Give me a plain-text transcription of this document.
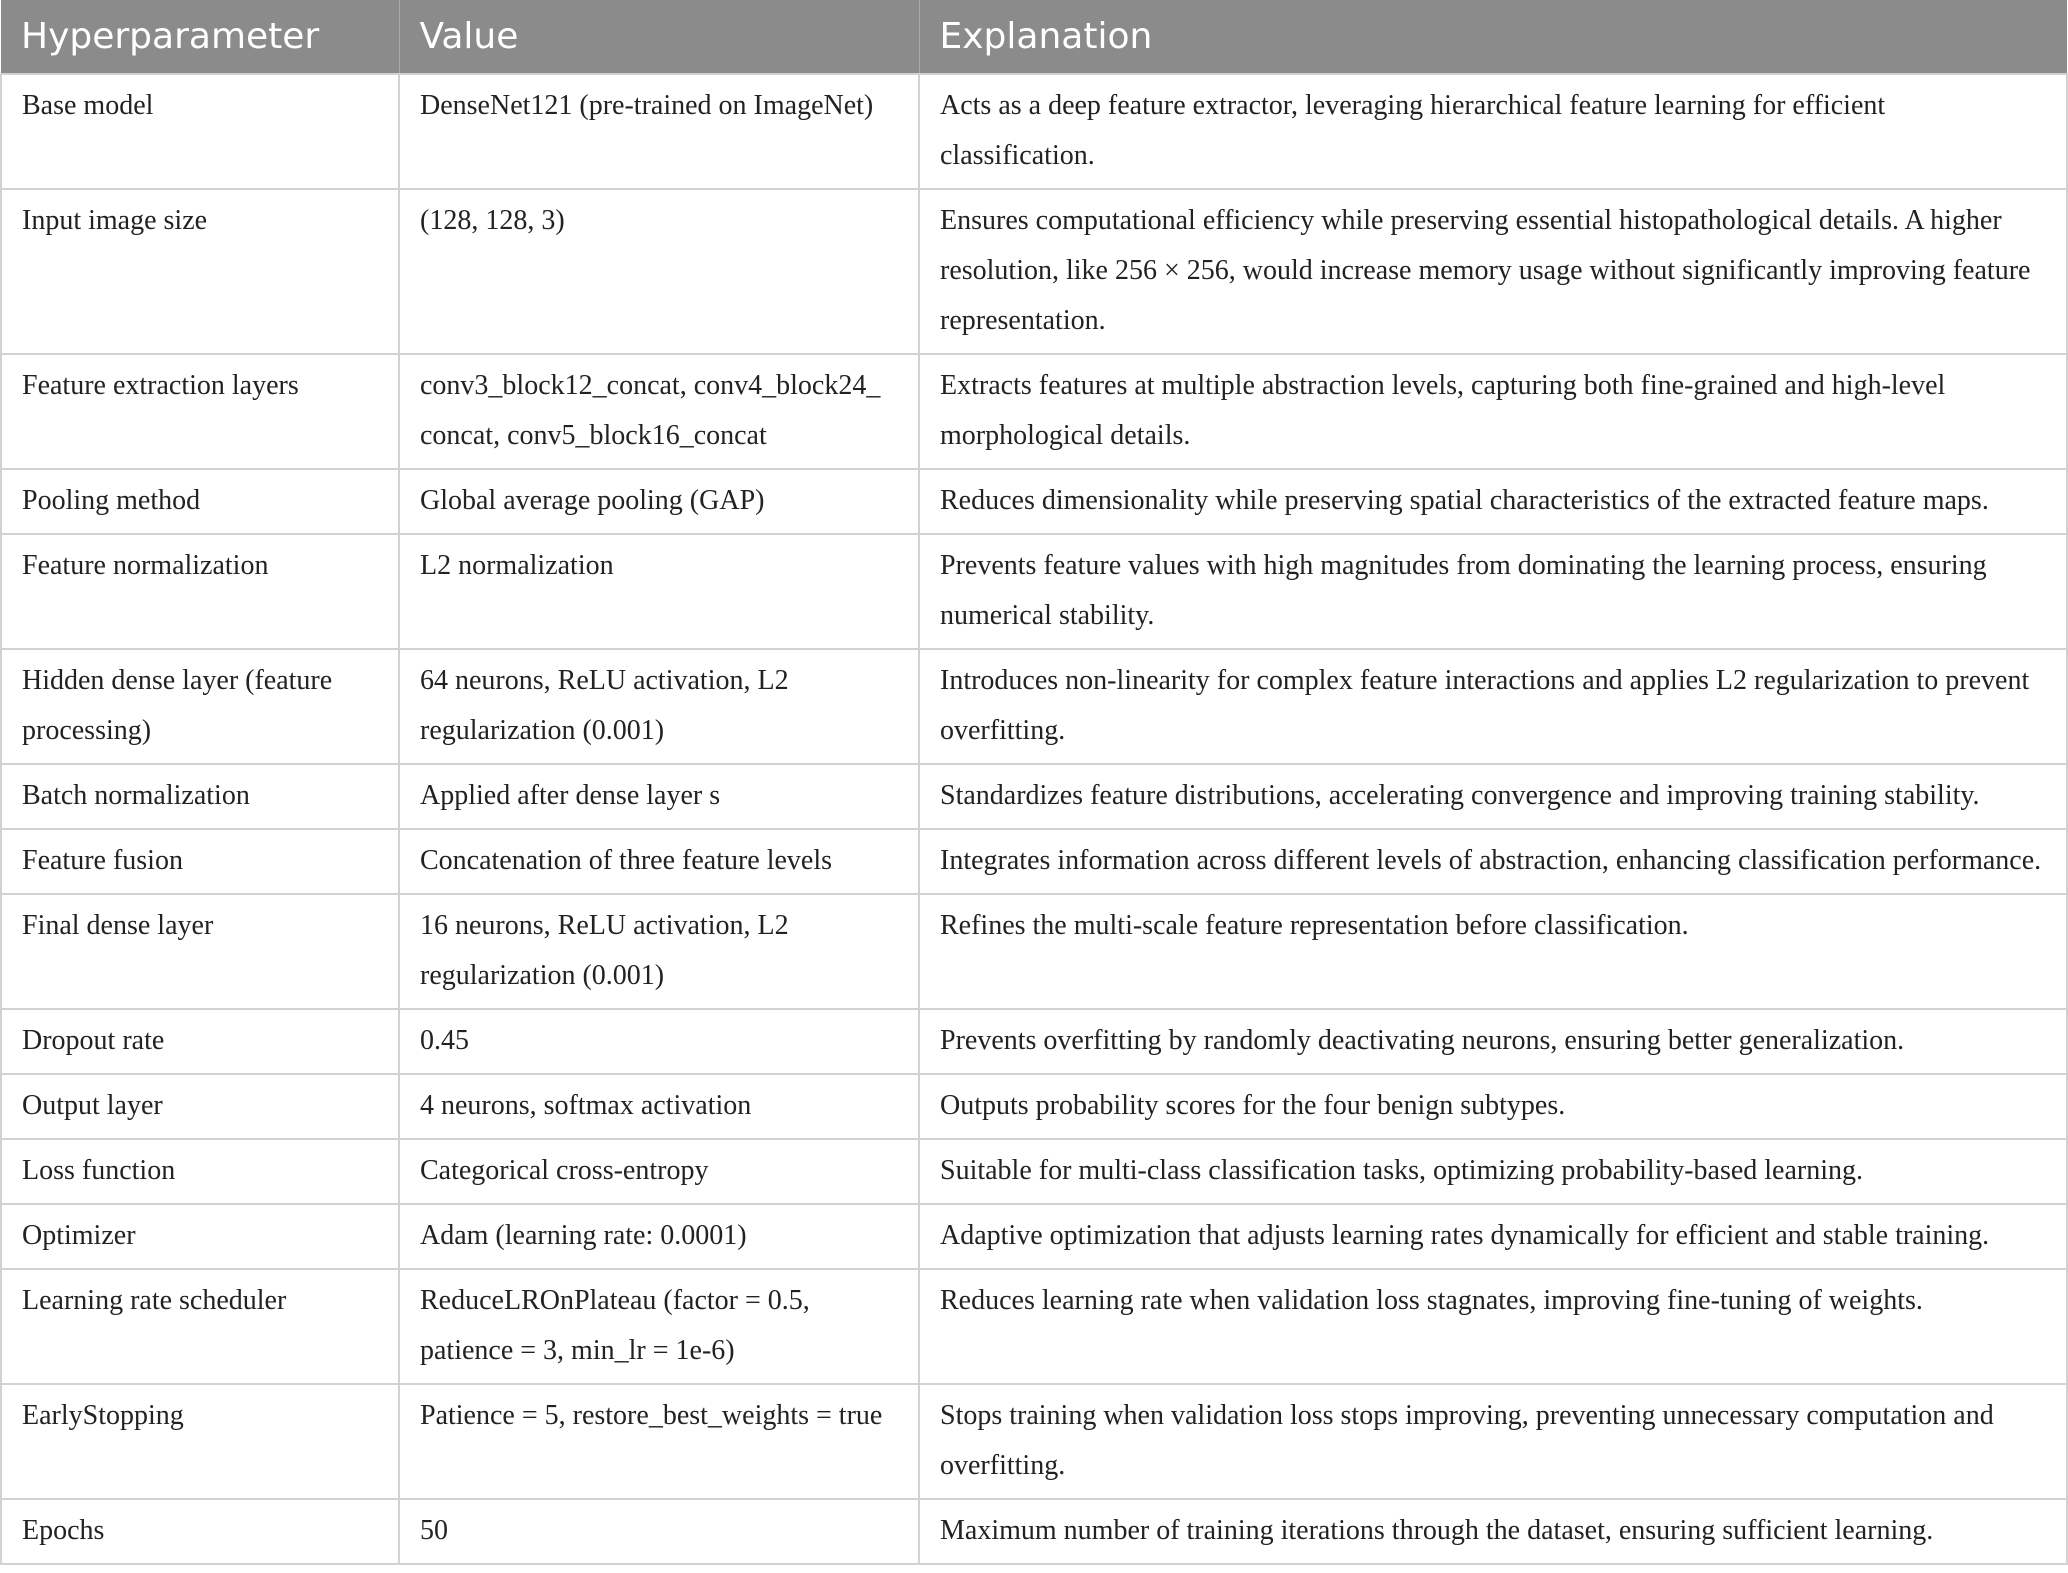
Hyperparameter	Value	Explanation
Base model	DenseNet121 (pre-trained on ImageNet)	Acts as a deep feature extractor, leveraging hierarchical feature learning for efficient classification.
Input image size	(128, 128, 3)	Ensures computational efficiency while preserving essential histopathological details. A higher resolution, like 256 × 256, would increase memory usage without significantly improving feature representation.
Feature extraction layers	conv3_block12_concat, conv4_block24_ concat, conv5_block16_concat	Extracts features at multiple abstraction levels, capturing both fine-grained and high-level morphological details.
Pooling method	Global average pooling (GAP)	Reduces dimensionality while preserving spatial characteristics of the extracted feature maps.
Feature normalization	L2 normalization	Prevents feature values with high magnitudes from dominating the learning process, ensuring numerical stability.
Hidden dense layer (feature processing)	64 neurons, ReLU activation, L2 regularization (0.001)	Introduces non-linearity for complex feature interactions and applies L2 regularization to prevent overfitting.
Batch normalization	Applied after dense layer s	Standardizes feature distributions, accelerating convergence and improving training stability.
Feature fusion	Concatenation of three feature levels	Integrates information across different levels of abstraction, enhancing classification performance.
Final dense layer	16 neurons, ReLU activation, L2 regularization (0.001)	Refines the multi-scale feature representation before classification.
Dropout rate	0.45	Prevents overfitting by randomly deactivating neurons, ensuring better generalization.
Output layer	4 neurons, softmax activation	Outputs probability scores for the four benign subtypes.
Loss function	Categorical cross-entropy	Suitable for multi-class classification tasks, optimizing probability-based learning.
Optimizer	Adam (learning rate: 0.0001)	Adaptive optimization that adjusts learning rates dynamically for efficient and stable training.
Learning rate scheduler	ReduceLROnPlateau (factor = 0.5, patience = 3, min_lr = 1e-6)	Reduces learning rate when validation loss stagnates, improving fine-tuning of weights.
EarlyStopping	Patience = 5, restore_best_weights = true	Stops training when validation loss stops improving, preventing unnecessary computation and overfitting.
Epochs	50	Maximum number of training iterations through the dataset, ensuring sufficient learning.
